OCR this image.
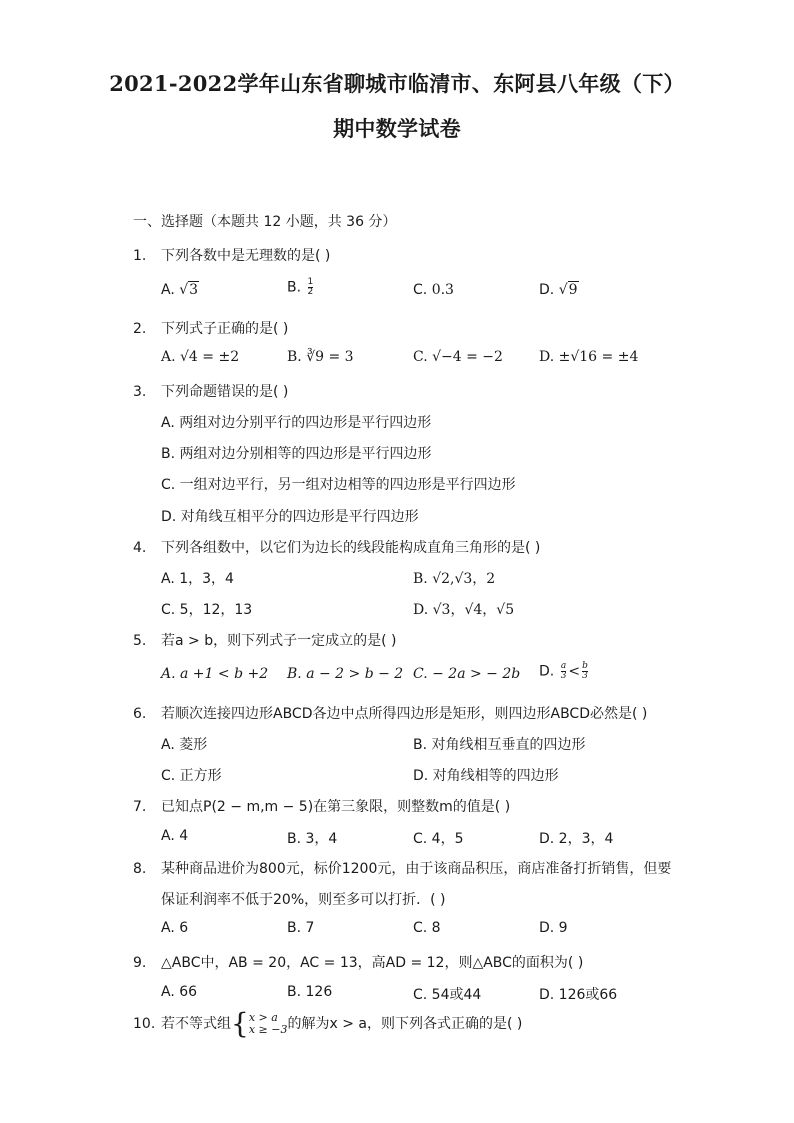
2021-2022学年山东省聊城市临清市、东阿县八年级（下）
期中数学试卷
一、选择题（本题共 12 小题，共 36 分）
1. 下列各数中是无理数的是( )
A. √3	B. $\frac{1}{2}$	C. 0.3	D. √9
2. 下列式子正确的是( )
A. √4 = ±2	B. ∛9 = 3	C. √−4 = −2	D. ±√16 = ±4
3. 下列命题错误的是( )
A. 两组对边分别平行的四边形是平行四边形
B. 两组对边分别相等的四边形是平行四边形
C. 一组对边平行，另一组对边相等的四边形是平行四边形
D. 对角线互相平分的四边形是平行四边形
4. 下列各组数中，以它们为边长的线段能构成直角三角形的是( )
A. 1，3，4	B. √2,√3，2
C. 5，12，13	D. √3，√4，√5
5. 若a > b，则下列式子一定成立的是( )
A. a +1 < b +2 B. a − 2 > b − 2 C. − 2a > − 2b D. $\frac{a}{3} < \frac{b}{3}$
6. 若顺次连接四边形ABCD各边中点所得四边形是矩形，则四边形ABCD必然是( )
A. 菱形	B. 对角线相互垂直的四边形
C. 正方形	D. 对角线相等的四边形
7. 已知点P(2 − m,m − 5)在第三象限，则整数m的值是( )
A. 4	B. 3，4	C. 4，5	D. 2，3，4
8. 某种商品进价为800元，标价1200元，由于该商品积压，商店准备打折销售，但要
保证利润率不低于20%，则至多可以打折．( )
A. 6	B. 7	C. 8	D. 9
9. △ABC中，AB = 20，AC = 13，高AD = 12，则△ABC的面积为( )
A. 66	B. 126	C. 54或44	D. 126或66
10. 若不等式组 { x > a
x ≥ −3 的解为x > a，则下列各式正确的是( )
